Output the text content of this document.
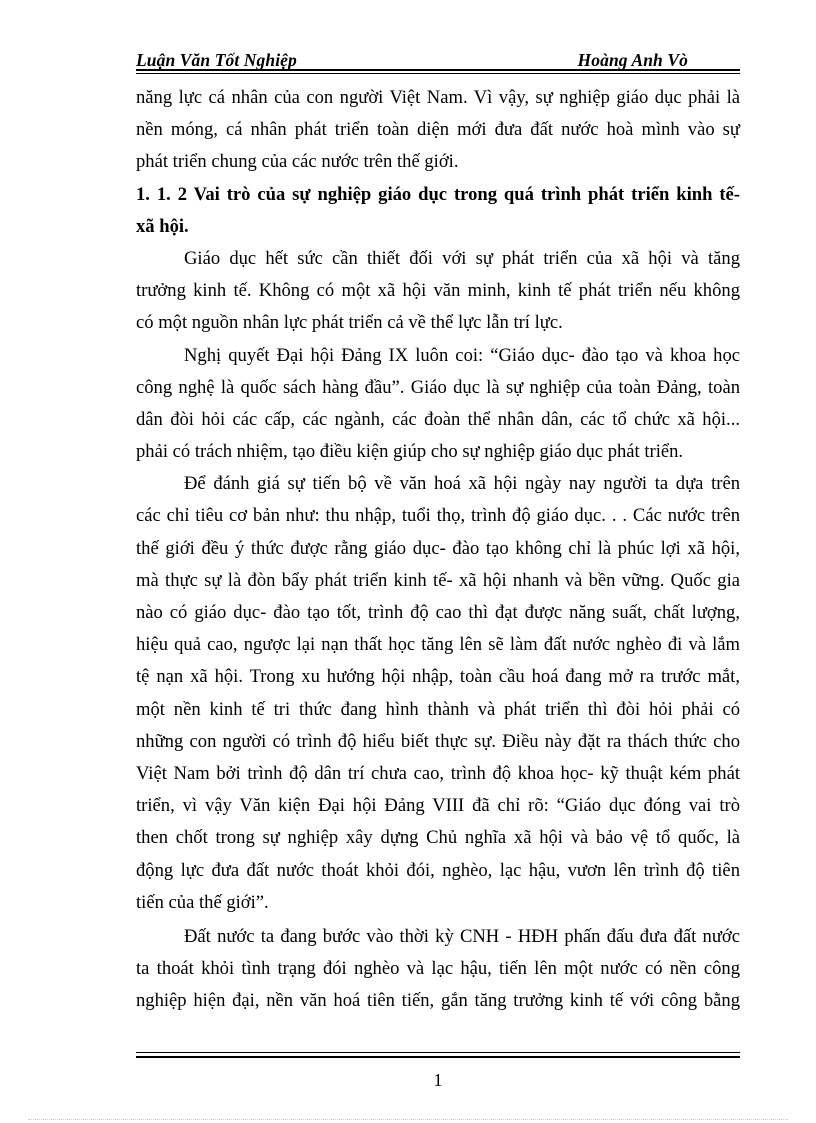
Luận Văn Tốt Nghiệp	Hoàng Anh Vò
năng lực cá nhân của con người Việt Nam. Vì vậy, sự nghiệp giáo dục phải là
nền móng, cá nhân phát triển toàn diện mới đưa đất nước hoà mình vào sự
phát triển chung của các nước trên thế giới.
1. 1. 2 Vai trò của sự nghiệp giáo dục trong quá trình phát triển kinh tế-
xã hội.
Giáo dục hết sức cần thiết đối với sự phát triển của xã hội và tăng
trưởng kinh tế. Không có một xã hội văn minh, kinh tế phát triển nếu không
có một nguồn nhân lực phát triển cả về thể lực lẫn trí lực.
Nghị quyết Đại hội Đảng IX luôn coi: “Giáo dục- đào tạo và khoa học
công nghệ là quốc sách hàng đầu”. Giáo dục là sự nghiệp của toàn Đảng, toàn
dân đòi hỏi các cấp, các ngành, các đoàn thể nhân dân, các tổ chức xã hội...
phải có trách nhiệm, tạo điều kiện giúp cho sự nghiệp giáo dục phát triển.
Để đánh giá sự tiến bộ về văn hoá xã hội ngày nay người ta dựa trên
các chỉ tiêu cơ bản như: thu nhập, tuổi thọ, trình độ giáo dục. . . Các nước trên
thế giới đều ý thức được rằng giáo dục- đào tạo không chỉ là phúc lợi xã hội,
mà thực sự là đòn bẩy phát triển kinh tế- xã hội nhanh và bền vững. Quốc gia
nào có giáo dục- đào tạo tốt, trình độ cao thì đạt được năng suất, chất lượng,
hiệu quả cao, ngược lại nạn thất học tăng lên sẽ làm đất nước nghèo đi và lắm
tệ nạn xã hội. Trong xu hướng hội nhập, toàn cầu hoá đang mở ra trước mắt,
một nền kinh tế tri thức đang hình thành và phát triển thì đòi hỏi phải có
những con người có trình độ hiểu biết thực sự. Điều này đặt ra thách thức cho
Việt Nam bởi trình độ dân trí chưa cao, trình độ khoa học- kỹ thuật kém phát
triển, vì vậy Văn kiện Đại hội Đảng VIII đã chỉ rõ: “Giáo dục đóng vai trò
then chốt trong sự nghiệp xây dựng Chủ nghĩa xã hội và bảo vệ tổ quốc, là
động lực đưa đất nước thoát khỏi đói, nghèo, lạc hậu, vươn lên trình độ tiên
tiến của thế giới”.
Đất nước ta đang bước vào thời kỳ CNH - HĐH phấn đấu đưa đất nước
ta thoát khỏi tình trạng đói nghèo và lạc hậu, tiến lên một nước có nền công
nghiệp hiện đại, nền văn hoá tiên tiến, gắn tăng trưởng kinh tế với công bằng
1
